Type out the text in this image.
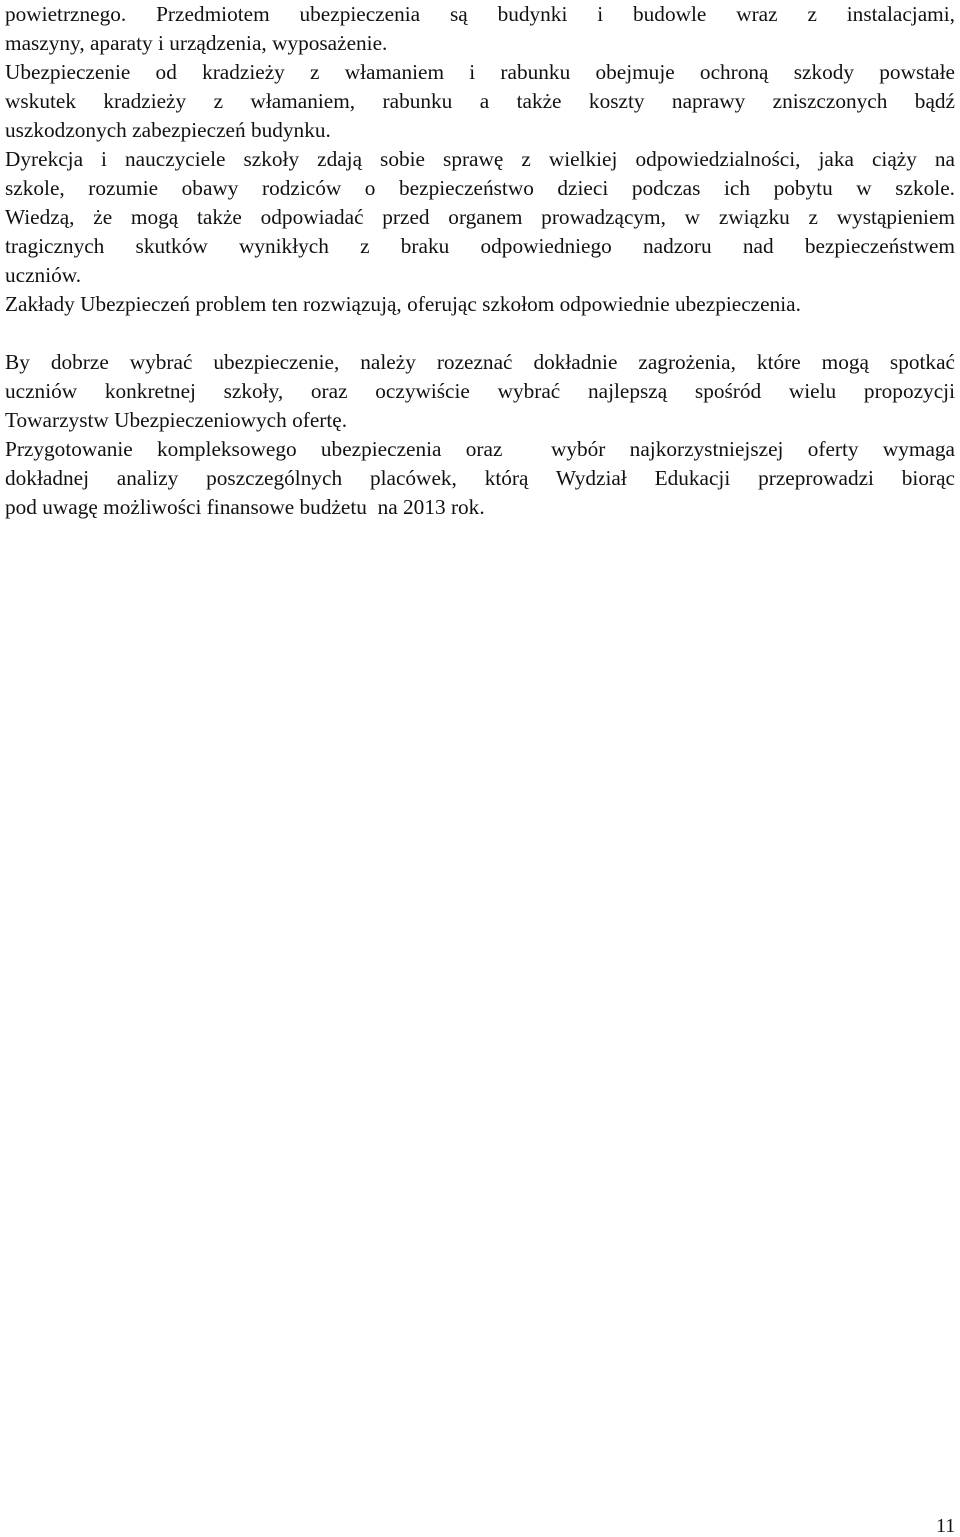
powietrznego. Przedmiotem ubezpieczenia są budynki i budowle wraz z instalacjami,
maszyny, aparaty i urządzenia, wyposażenie.
Ubezpieczenie od kradzieży z włamaniem i rabunku obejmuje ochroną szkody powstałe
wskutek kradzieży z włamaniem, rabunku a także koszty naprawy zniszczonych bądź
uszkodzonych zabezpieczeń budynku.
Dyrekcja i nauczyciele szkoły zdają sobie sprawę z wielkiej odpowiedzialności, jaka ciąży na
szkole, rozumie obawy rodziców o bezpieczeństwo dzieci podczas ich pobytu w szkole.
Wiedzą, że mogą także odpowiadać przed organem prowadzącym, w związku z wystąpieniem
tragicznych skutków wynikłych z braku odpowiedniego nadzoru nad bezpieczeństwem
uczniów.
Zakłady Ubezpieczeń problem ten rozwiązują, oferując szkołom odpowiednie ubezpieczenia.
By dobrze wybrać ubezpieczenie, należy rozeznać dokładnie zagrożenia, które mogą spotkać
uczniów konkretnej szkoły, oraz oczywiście wybrać najlepszą spośród wielu propozycji
Towarzystw Ubezpieczeniowych ofertę.
Przygotowanie kompleksowego ubezpieczenia oraz  wybór najkorzystniejszej oferty wymaga
dokładnej analizy poszczególnych placówek, którą Wydział Edukacji przeprowadzi biorąc
pod uwagę możliwości finansowe budżetu  na 2013 rok.
11
